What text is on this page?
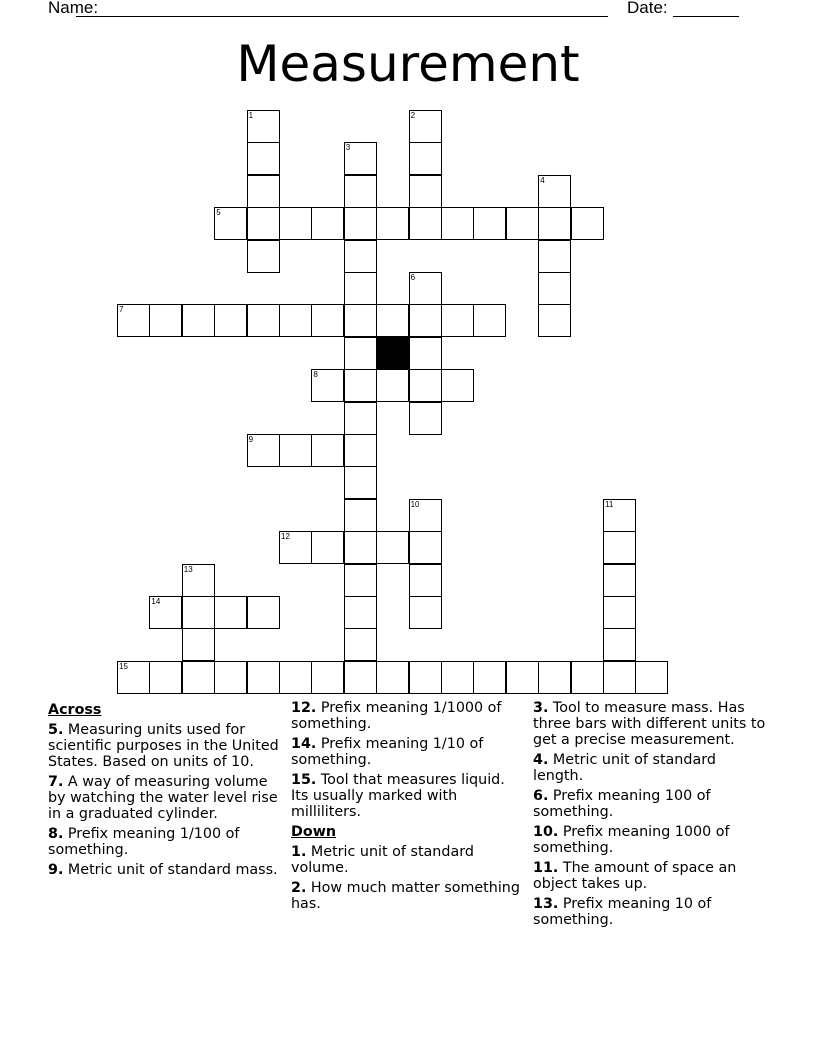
Name:	Date:
Measurement
1	2
3
4
5
6
7
8
9
10	11
12
13
14
15
Across
5. Measuring units used for scientific purposes in the United States. Based on units of 10.
7. A way of measuring volume by watching the water level rise in a graduated cylinder.
8. Prefix meaning 1/100 of something.
9. Metric unit of standard mass.
12. Prefix meaning 1/1000 of something.
14. Prefix meaning 1/10 of something.
15. Tool that measures liquid. Its usually marked with milliliters.
Down
1. Metric unit of standard volume.
2. How much matter something has.
3. Tool to measure mass. Has three bars with different units to get a precise measurement.
4. Metric unit of standard length.
6. Prefix meaning 100 of something.
10. Prefix meaning 1000 of something.
11. The amount of space an object takes up.
13. Prefix meaning 10 of something.
